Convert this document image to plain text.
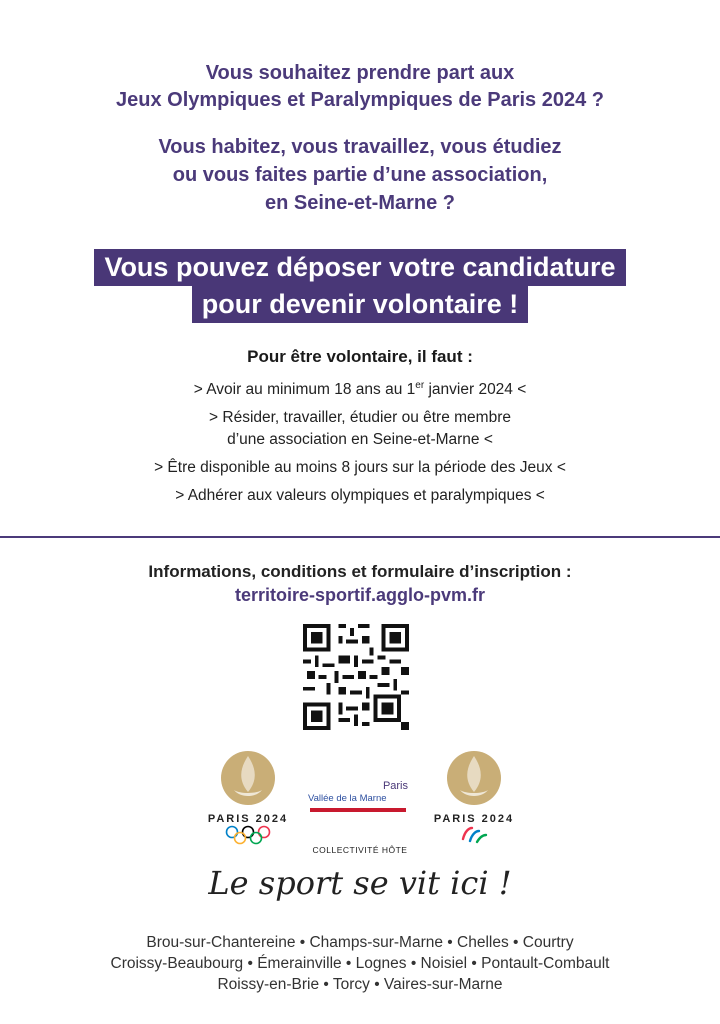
Vous souhaitez prendre part aux
Jeux Olympiques et Paralympiques de Paris 2024 ?
Vous habitez, vous travaillez, vous étudiez
ou vous faites partie d’une association,
en Seine-et-Marne ?
Vous pouvez déposer votre candidature
pour devenir volontaire !
Pour être volontaire, il faut :
> Avoir au minimum 18 ans au 1er janvier 2024 <
> Résider, travailler, étudier ou être membre
d’une association en Seine-et-Marne <
> Être disponible au moins 8 jours sur la période des Jeux <
> Adhérer aux valeurs olympiques et paralympiques <
Informations, conditions et formulaire d’inscription :
territoire-sportif.agglo-pvm.fr
PARIS 2024
Paris
Vallée de la Marne
PARIS 2024
COLLECTIVITÉ HÔTE
Le sport se vit ici !
Brou-sur-Chantereine • Champs-sur-Marne • Chelles • Courtry
Croissy-Beaubourg • Émerainville • Lognes • Noisiel • Pontault-Combault
Roissy-en-Brie • Torcy • Vaires-sur-Marne
